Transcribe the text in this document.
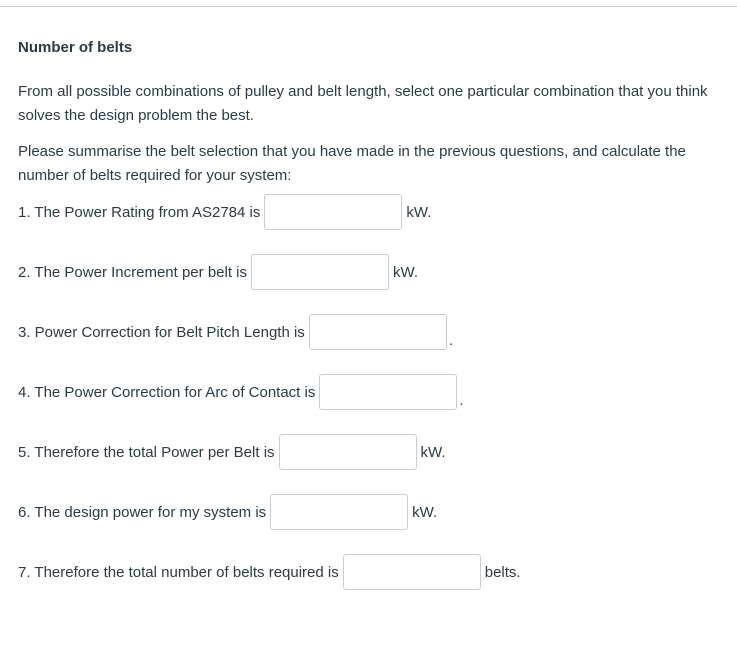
Number of belts

From all possible combinations of pulley and belt length, select one particular combination that you think solves the design problem the best.

Please summarise the belt selection that you have made in the previous questions, and calculate the number of belts required for your system:

1. The Power Rating from AS2784 is	kW.
2. The Power Increment per belt is	kW.
3. Power Correction for Belt Pitch Length is	.
4. The Power Correction for Arc of Contact is	.
5. Therefore the total Power per Belt is	kW.
6. The design power for my system is	kW.
7. Therefore the total number of belts required is	belts.
